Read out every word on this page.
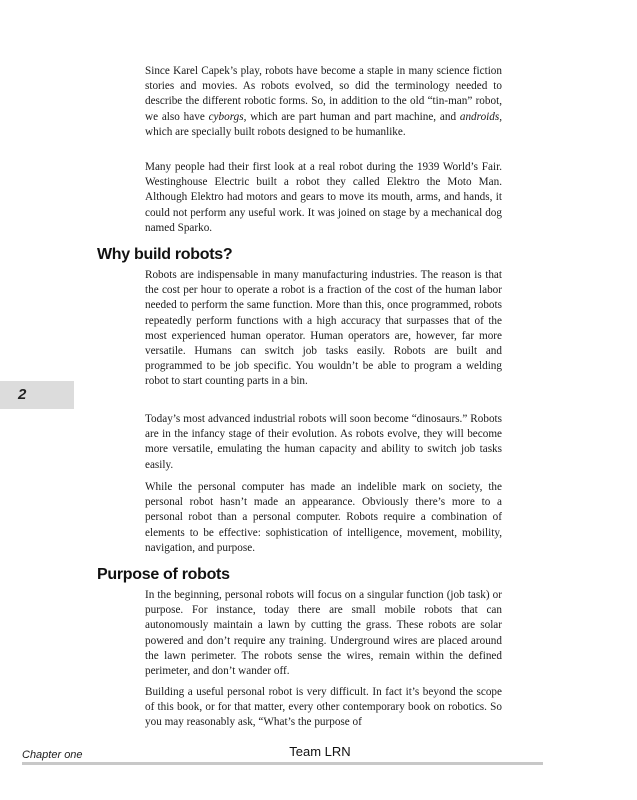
Since Karel Capek’s play, robots have become a staple in many science fiction stories and movies. As robots evolved, so did the terminology needed to describe the different robotic forms. So, in addition to the old “tin-man” robot, we also have cyborgs, which are part human and part machine, and androids, which are specially built robots designed to be humanlike.

Many people had their first look at a real robot during the 1939 World’s Fair. Westinghouse Electric built a robot they called Elektro the Moto Man. Although Elektro had motors and gears to move its mouth, arms, and hands, it could not perform any useful work. It was joined on stage by a mechanical dog named Sparko.

Why build robots?

Robots are indispensable in many manufacturing industries. The reason is that the cost per hour to operate a robot is a fraction of the cost of the human labor needed to perform the same function. More than this, once programmed, robots repeatedly perform functions with a high accuracy that surpasses that of the most experienced human operator. Human operators are, however, far more versatile. Humans can switch job tasks easily. Robots are built and programmed to be job specific. You wouldn’t be able to program a welding robot to start counting parts in a bin.

Today’s most advanced industrial robots will soon become “dinosaurs.” Robots are in the infancy stage of their evolution. As robots evolve, they will become more versatile, emulating the human capacity and ability to switch job tasks easily.

While the personal computer has made an indelible mark on society, the personal robot hasn’t made an appearance. Obviously there’s more to a personal robot than a personal computer. Robots require a combination of elements to be effective: sophistication of intelligence, movement, mobility, navigation, and purpose.

Purpose of robots

In the beginning, personal robots will focus on a singular function (job task) or purpose. For instance, today there are small mobile robots that can autonomously maintain a lawn by cutting the grass. These robots are solar powered and don’t require any training. Underground wires are placed around the lawn perimeter. The robots sense the wires, remain within the defined perimeter, and don’t wander off.

Building a useful personal robot is very difficult. In fact it’s beyond the scope of this book, or for that matter, every other contemporary book on robotics. So you may reasonably ask, “What’s the purpose of

2
Chapter one	Team LRN
